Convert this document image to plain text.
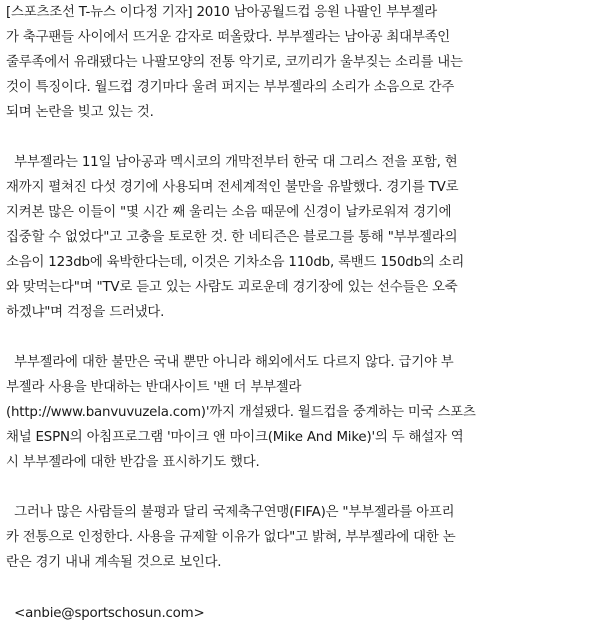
[스포츠조선 T-뉴스 이다정 기자] 2010 남아공월드컵 응원 나팔인 부부젤라
가 축구팬들 사이에서 뜨거운 감자로 떠올랐다. 부부젤라는 남아공 최대부족인
줄루족에서 유래됐다는 나팔모양의 전통 악기로, 코끼리가 울부짖는 소리를 내는
것이 특징이다. 월드컵 경기마다 울려 퍼지는 부부젤라의 소리가 소음으로 간주
되며 논란을 빚고 있는 것.
부부젤라는 11일 남아공과 멕시코의 개막전부터 한국 대 그리스 전을 포함, 현
재까지 펼쳐진 다섯 경기에 사용되며 전세계적인 불만을 유발했다. 경기를 TV로
지켜본 많은 이들이 "몇 시간 째 울리는 소음 때문에 신경이 날카로워져 경기에
집중할 수 없었다"고 고충을 토로한 것. 한 네티즌은 블로그를 통해 "부부젤라의
소음이 123db에 육박한다는데, 이것은 기차소음 110db, 록밴드 150db의 소리
와 맞먹는다"며 "TV로 듣고 있는 사람도 괴로운데 경기장에 있는 선수들은 오죽
하겠냐"며 걱정을 드러냈다.
부부젤라에 대한 불만은 국내 뿐만 아니라 해외에서도 다르지 않다. 급기야 부
부젤라 사용을 반대하는 반대사이트 '밴 더 부부젤라
(http://www.banvuvuzela.com)'까지 개설됐다. 월드컵을 중계하는 미국 스포츠
채널 ESPN의 아침프로그램 '마이크 앤 마이크(Mike And Mike)'의 두 해설자 역
시 부부젤라에 대한 반감을 표시하기도 했다.
그러나 많은 사람들의 불평과 달리 국제축구연맹(FIFA)은 "부부젤라를 아프리
카 전통으로 인정한다. 사용을 규제할 이유가 없다"고 밝혀, 부부젤라에 대한 논
란은 경기 내내 계속될 것으로 보인다.
<anbie@sportschosun.com>
